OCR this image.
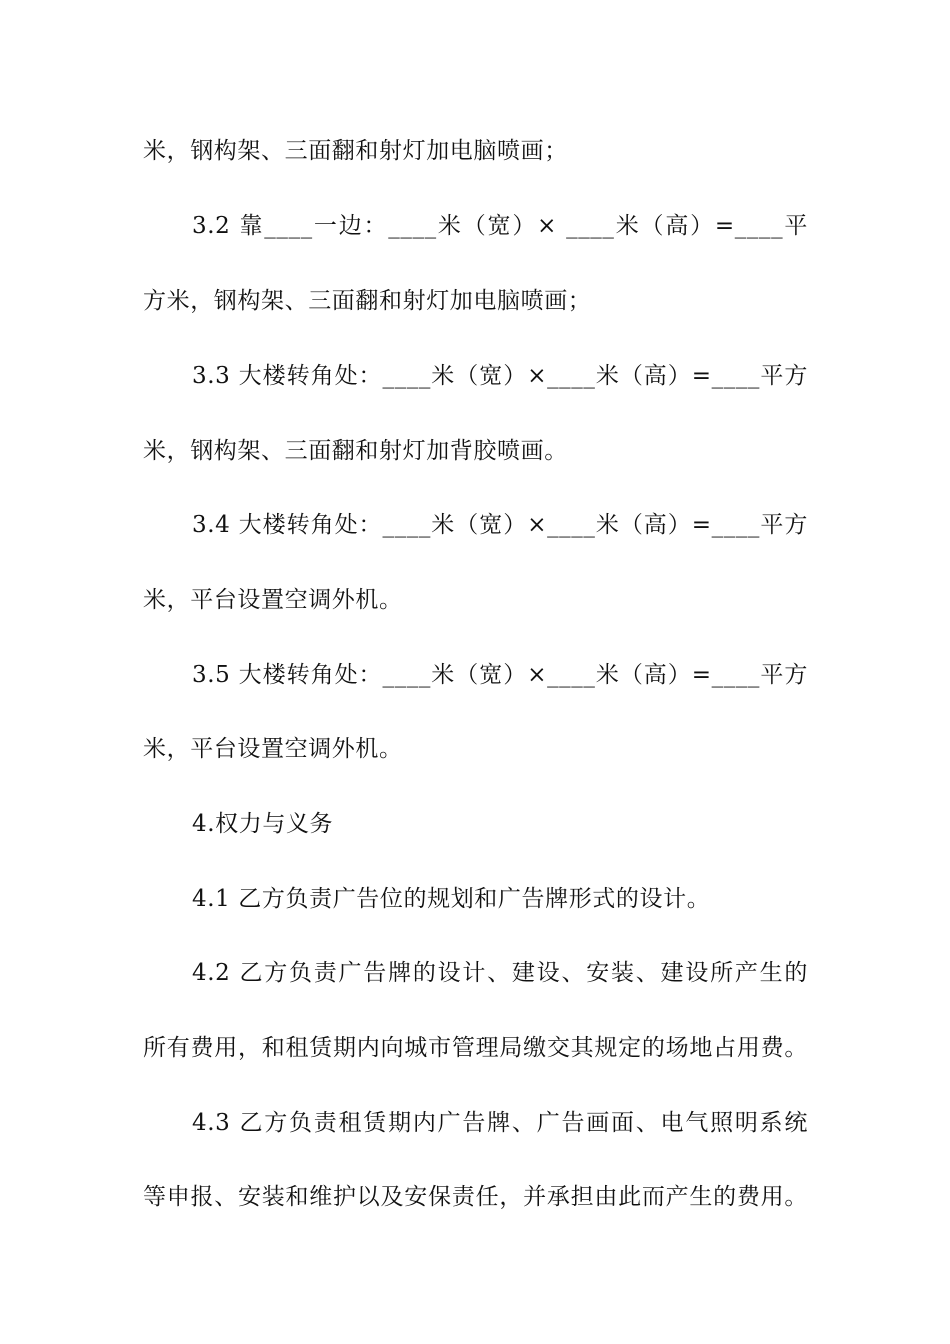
米，钢构架、三面翻和射灯加电脑喷画；
3.2 靠____一边：____米（宽）× ____米（高）=____平
方米，钢构架、三面翻和射灯加电脑喷画；
3.3 大楼转角处：____米（宽）×____米（高）=____平方
米，钢构架、三面翻和射灯加背胶喷画。
3.4 大楼转角处：____米（宽）×____米（高）=____平方
米，平台设置空调外机。
3.5 大楼转角处：____米（宽）×____米（高）=____平方
米，平台设置空调外机。
4.权力与义务
4.1 乙方负责广告位的规划和广告牌形式的设计。
4.2 乙方负责广告牌的设计、建设、安装、建设所产生的
所有费用，和租赁期内向城市管理局缴交其规定的场地占用费。
4.3 乙方负责租赁期内广告牌、广告画面、电气照明系统
等申报、安装和维护以及安保责任，并承担由此而产生的费用。
